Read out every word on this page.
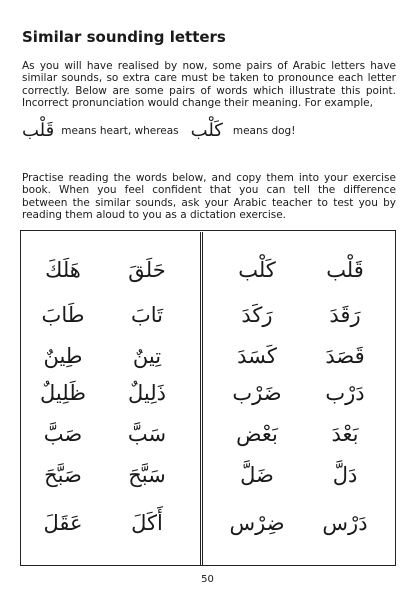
Similar sounding letters
As you will have realised by now, some pairs of Arabic letters have similar sounds, so extra care must be taken to pronounce each letter correctly. Below are some pairs of words which illustrate this point. Incorrect pronunciation would change their meaning. For example,
قَلْب means heart, whereas كَلْب means dog!
Practise reading the words below, and copy them into your exercise book. When you feel confident that you can tell the difference between the similar sounds, ask your Arabic teacher to test you by reading them aloud to you as a dictation exercise.
قَلْب
رَقَدَ
قَصَدَ
دَرْب
بَعْدَ
دَلَّ
دَرْس
كَلْب
رَكَدَ
كَسَدَ
ضَرْب
بَعْض
ضَلَّ
ضِرْس
حَلَقَ
تَابَ
تِينٌ
ذَلِيلٌ
سَبَّ
سَبَّحَ
أَكَلَ
هَلَكَ
طَابَ
طِينٌ
ظَلِيلٌ
صَبَّ
صَبَّحَ
عَقَلَ
50
